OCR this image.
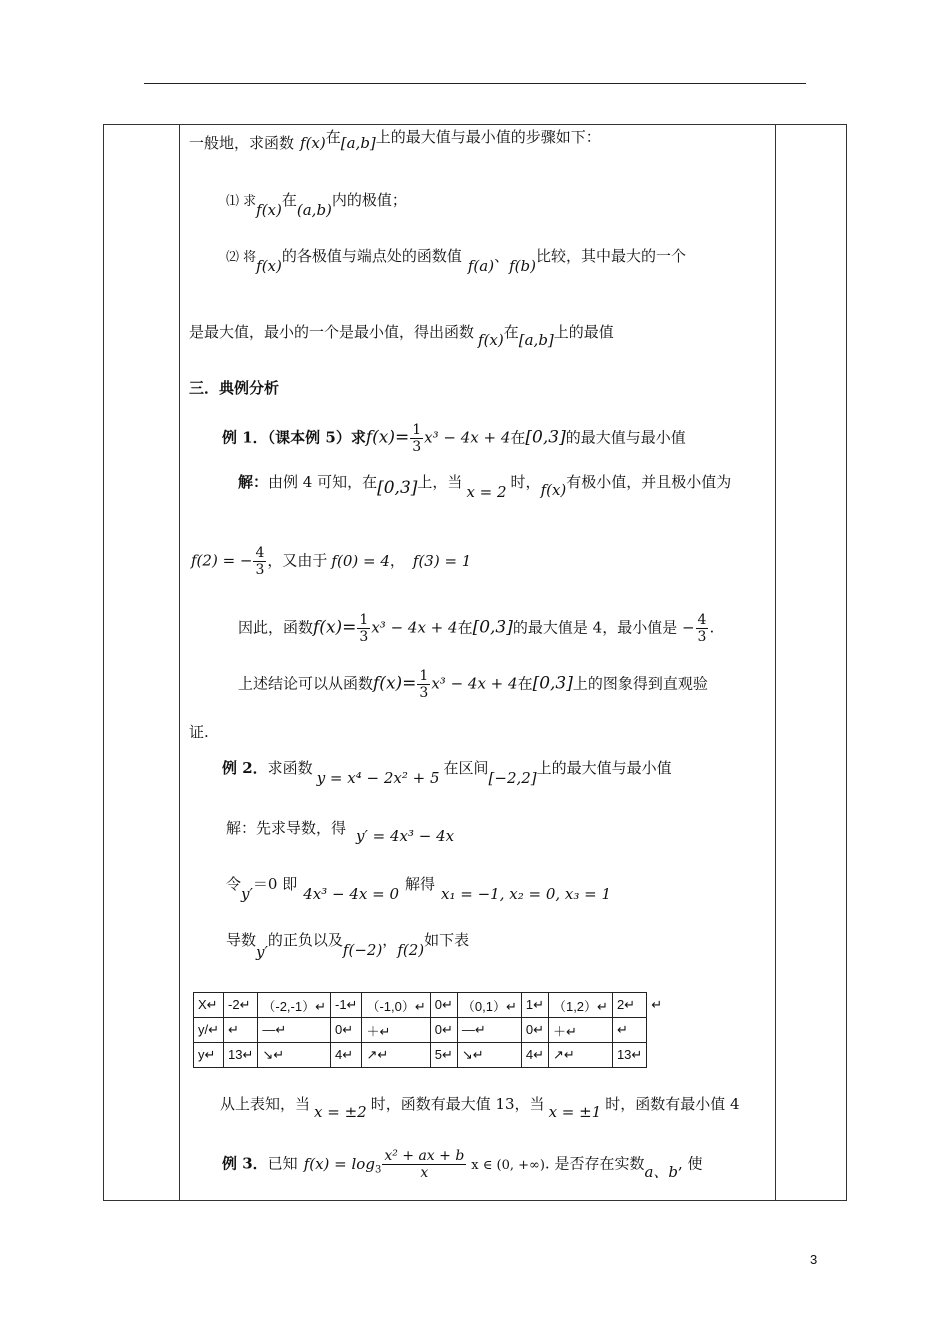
一般地，求函数 f(x)在[a,b]上的最大值与最小值的步骤如下：
⑴ 求f(x)在(a,b)内的极值；
⑵ 将f(x)的各极值与端点处的函数值f(a)、f(b)比较，其中最大的一个
是最大值，最小的一个是最小值，得出函数 f(x)在[a,b]上的最值
三．典例分析
例 1．（课本例 5）求$f(x)= \frac{1}{3} x^3 - 4x + 4$在[0,3]的最大值与最小值
解：由例 4 可知，在[0,3]上，当x = 2时，f(x)有极小值，并且极小值为
f(2) = − $\frac{4}{3}$ ，又由于 f(0) = 4， f(3) = 1
因此，函数$f(x)= \frac{1}{3} x^3 - 4x + 4$在[0,3]的最大值是 4，最小值是 − $\frac{4}{3}$ .
上述结论可以从函数$f(x)= \frac{1}{3} x^3 - 4x + 4$在[0,3]上的图象得到直观验
证.
例 2．求函数y = x⁴ − 2x² + 5在区间[−2,2]上的最大值与最小值
解：先求导数，得 y′ = 4x³ − 4x
令y′＝0 即4x³ − 4x = 0解得x₁ = −1, x₂ = 0, x₃ = 1
导数y′的正负以及f(−2)，f(2)如下表
X↵	-2↵	（-2,-1）↵	-1↵	（-1,0）↵	0↵	（0,1）↵	1↵	（1,2）↵	2↵	↵
y/↵	↵	—↵	0↵	＋↵	0↵	—↵	0↵	＋↵	↵	
y↵	13↵	↘↵	4↵	↗↵	5↵	↘↵	4↵	↗↵	13↵	
从上表知，当 x = ±2 时，函数有最大值 13，当 x = ±1 时，函数有最小值 4
例 3．已知 $f(x) = \log_3 \frac{\text{x² + ax + b}}{x}$ x ∈ (0, +∞). 是否存在实数a、b, 使
3
